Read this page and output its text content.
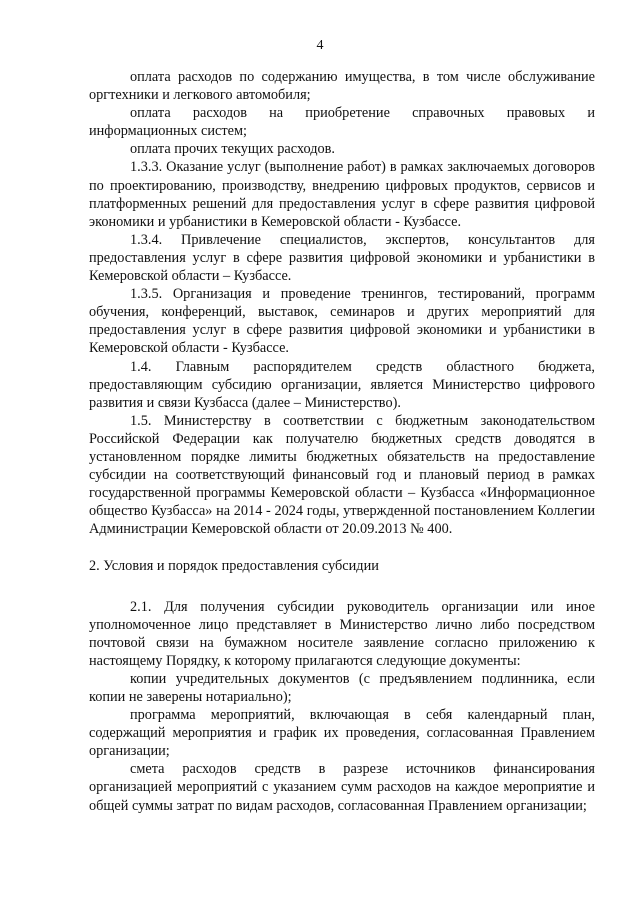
4

оплата расходов по содержанию имущества, в том числе обслуживание оргтехники и легкового автомобиля;

оплата расходов на приобретение справочных правовых и информационных систем;

оплата прочих текущих расходов.

1.3.3. Оказание услуг (выполнение работ) в рамках заключаемых договоров по проектированию, производству, внедрению цифровых продуктов, сервисов и платформенных решений для предоставления услуг в сфере развития цифровой экономики и урбанистики в Кемеровской области - Кузбассе.

1.3.4. Привлечение специалистов, экспертов, консультантов для предоставления услуг в сфере развития цифровой экономики и урбанистики в Кемеровской области – Кузбассе.

1.3.5. Организация и проведение тренингов, тестирований, программ обучения, конференций, выставок, семинаров и других мероприятий для предоставления услуг в сфере развития цифровой экономики и урбанистики в Кемеровской области - Кузбассе.

1.4. Главным распорядителем средств областного бюджета, предоставляющим субсидию организации, является Министерство цифрового развития и связи Кузбасса (далее – Министерство).

1.5. Министерству в соответствии с бюджетным законодательством Российской Федерации как получателю бюджетных средств доводятся в установленном порядке лимиты бюджетных обязательств на предоставление субсидии на соответствующий финансовый год и плановый период в рамках государственной программы Кемеровской области – Кузбасса «Информационное общество Кузбасса» на 2014 - 2024 годы, утвержденной постановлением Коллегии Администрации Кемеровской области от 20.09.2013 № 400.

2. Условия и порядок предоставления субсидии

2.1. Для получения субсидии руководитель организации или иное уполномоченное лицо представляет в Министерство лично либо посредством почтовой связи на бумажном носителе заявление согласно приложению к настоящему Порядку, к которому прилагаются следующие документы:

копии учредительных документов (с предъявлением подлинника, если копии не заверены нотариально);

программа мероприятий, включающая в себя календарный план, содержащий мероприятия и график их проведения, согласованная Правлением организации;

смета расходов средств в разрезе источников финансирования организацией мероприятий с указанием сумм расходов на каждое мероприятие и общей суммы затрат по видам расходов, согласованная Правлением организации;
